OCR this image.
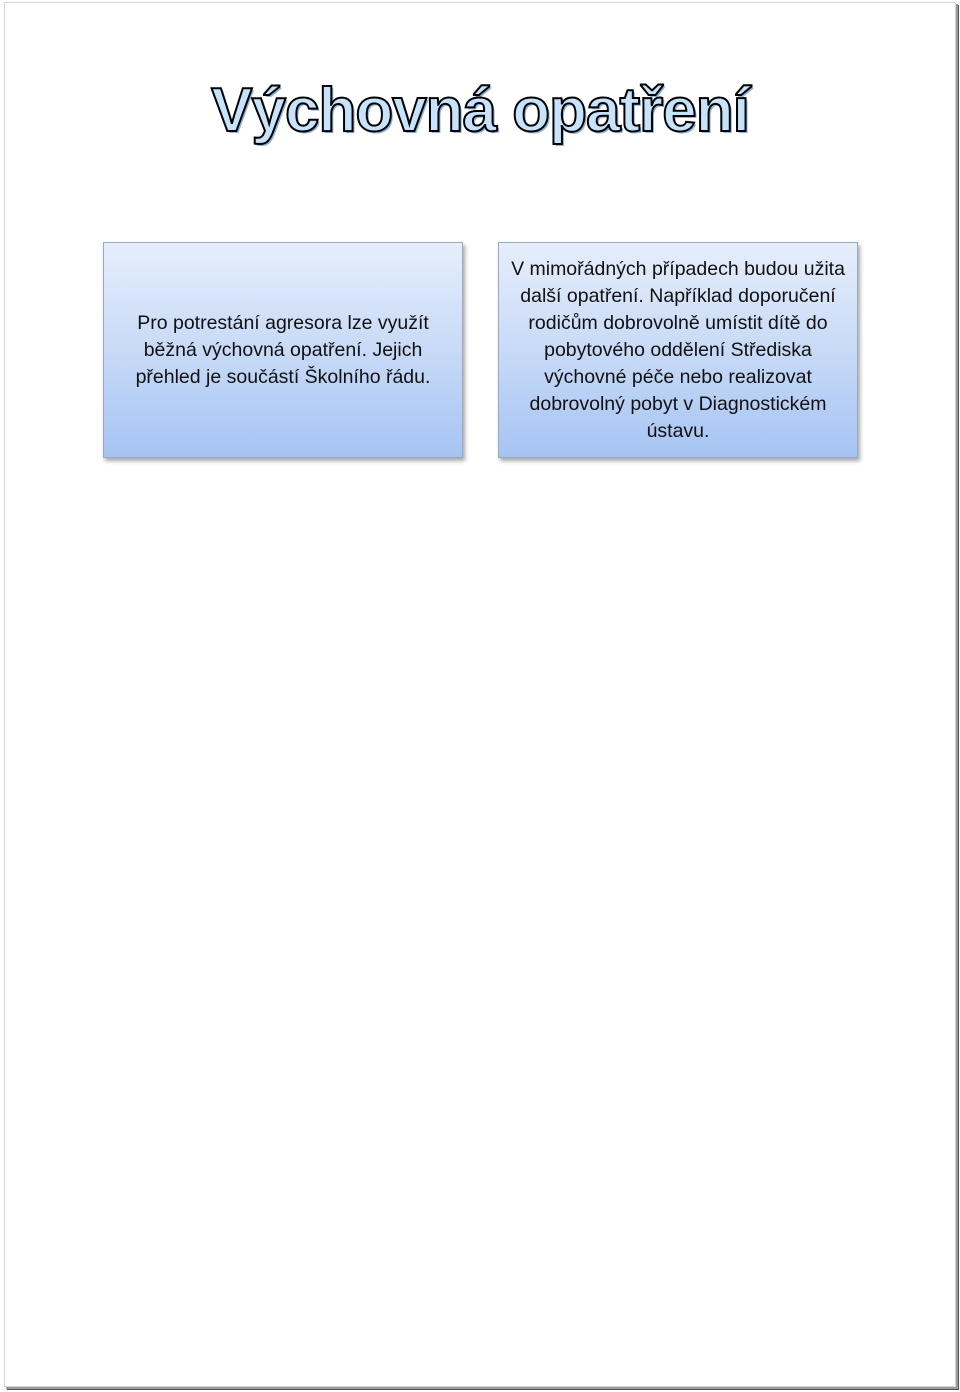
Výchovná opatření

Pro potrestání agresora lze využít běžná výchovná opatření. Jejich přehled je součástí Školního řádu.

V mimořádných případech budou užita další opatření. Například doporučení rodičům dobrovolně umístit dítě do pobytového oddělení Střediska výchovné péče nebo realizovat dobrovolný pobyt v Diagnostickém ústavu.
